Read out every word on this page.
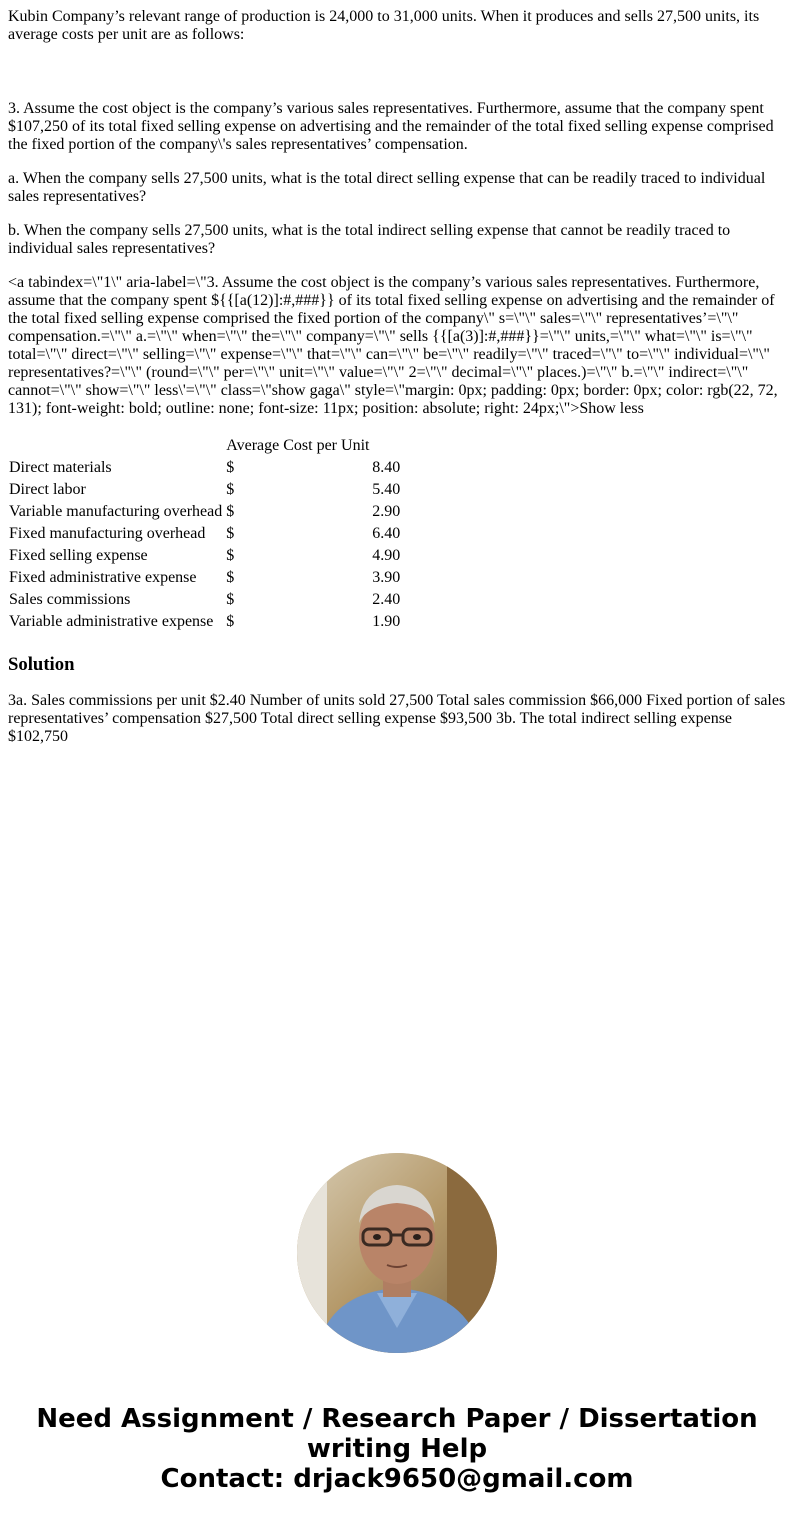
Kubin Company’s relevant range of production is 24,000 to 31,000 units. When it produces and sells 27,500 units, its average costs per unit are as follows:

3. Assume the cost object is the company’s various sales representatives. Furthermore, assume that the company spent $107,250 of its total fixed selling expense on advertising and the remainder of the total fixed selling expense comprised the fixed portion of the company\'s sales representatives’ compensation.

a. When the company sells 27,500 units, what is the total direct selling expense that can be readily traced to individual sales representatives?

b. When the company sells 27,500 units, what is the total indirect selling expense that cannot be readily traced to individual sales representatives?

<a tabindex=\"1\" aria-label=\"3. Assume the cost object is the company’s various sales representatives. Furthermore, assume that the company spent ${{[a(12)]:#,###}} of its total fixed selling expense on advertising and the remainder of the total fixed selling expense comprised the fixed portion of the company\" s=\"\" sales=\"\" representatives’=\"\" compensation.=\"\" a.=\"\" when=\"\" the=\"\" company=\"\" sells {{[a(3)]:#,###}}=\"\" units,=\"\" what=\"\" is=\"\" total=\"\" direct=\"\" selling=\"\" expense=\"\" that=\"\" can=\"\" be=\"\" readily=\"\" traced=\"\" to=\"\" individual=\"\" representatives?=\"\" (round=\"\" per=\"\" unit=\"\" value=\"\" 2=\"\" decimal=\"\" places.)=\"\" b.=\"\" indirect=\"\" cannot=\"\" show=\"\" less\'=\"\" class=\"show gaga\" style=\"margin: 0px; padding: 0px; border: 0px; color: rgb(22, 72, 131); font-weight: bold; outline: none; font-size: 11px; position: absolute; right: 24px;\">Show less

	Average Cost per Unit	
Direct materials	$	8.40
Direct labor	$	5.40
Variable manufacturing overhead	$	2.90
Fixed manufacturing overhead	$	6.40
Fixed selling expense	$	4.90
Fixed administrative expense	$	3.90
Sales commissions	$	2.40
Variable administrative expense	$	1.90
Solution

3a. Sales commissions per unit $2.40 Number of units sold 27,500 Total sales commission $66,000 Fixed portion of sales representatives’ compensation $27,500 Total direct selling expense $93,500 3b. The total indirect selling expense $102,750

Need Assignment / Research Paper / Dissertation
writing Help
Contact: drjack9650@gmail.com
